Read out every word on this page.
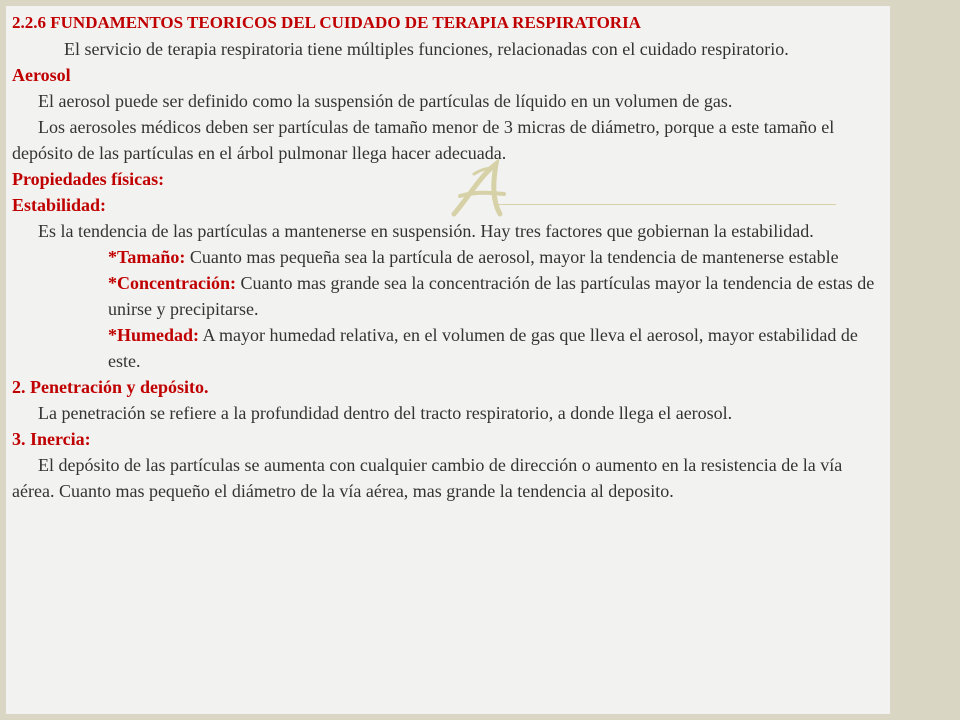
2.2.6 FUNDAMENTOS TEORICOS DEL CUIDADO DE TERAPIA RESPIRATORIA

El servicio de terapia respiratoria tiene múltiples funciones, relacionadas con el cuidado respiratorio.

Aerosol

El aerosol puede ser definido como la suspensión de partículas de líquido en un volumen de gas.

Los aerosoles médicos deben ser partículas de tamaño menor de 3 micras de diámetro, porque a este tamaño el depósito de las partículas en el árbol pulmonar llega hacer adecuada.

Propiedades físicas:

Estabilidad:

Es la tendencia de las partículas a mantenerse en suspensión. Hay tres factores que gobiernan la estabilidad.

*Tamaño: Cuanto mas pequeña sea la partícula de aerosol, mayor la tendencia de mantenerse estable

*Concentración: Cuanto mas grande sea la concentración de las partículas mayor la tendencia de estas de unirse y precipitarse.

*Humedad: A mayor humedad relativa, en el volumen de gas que lleva el aerosol, mayor estabilidad de este.

2. Penetración y depósito.

La penetración se refiere a la profundidad dentro del tracto respiratorio, a donde llega el aerosol.

3. Inercia:

El depósito de las partículas se aumenta con cualquier cambio de dirección o aumento en la resistencia de la vía aérea. Cuanto mas pequeño el diámetro de la vía aérea, mas grande la tendencia al deposito.
